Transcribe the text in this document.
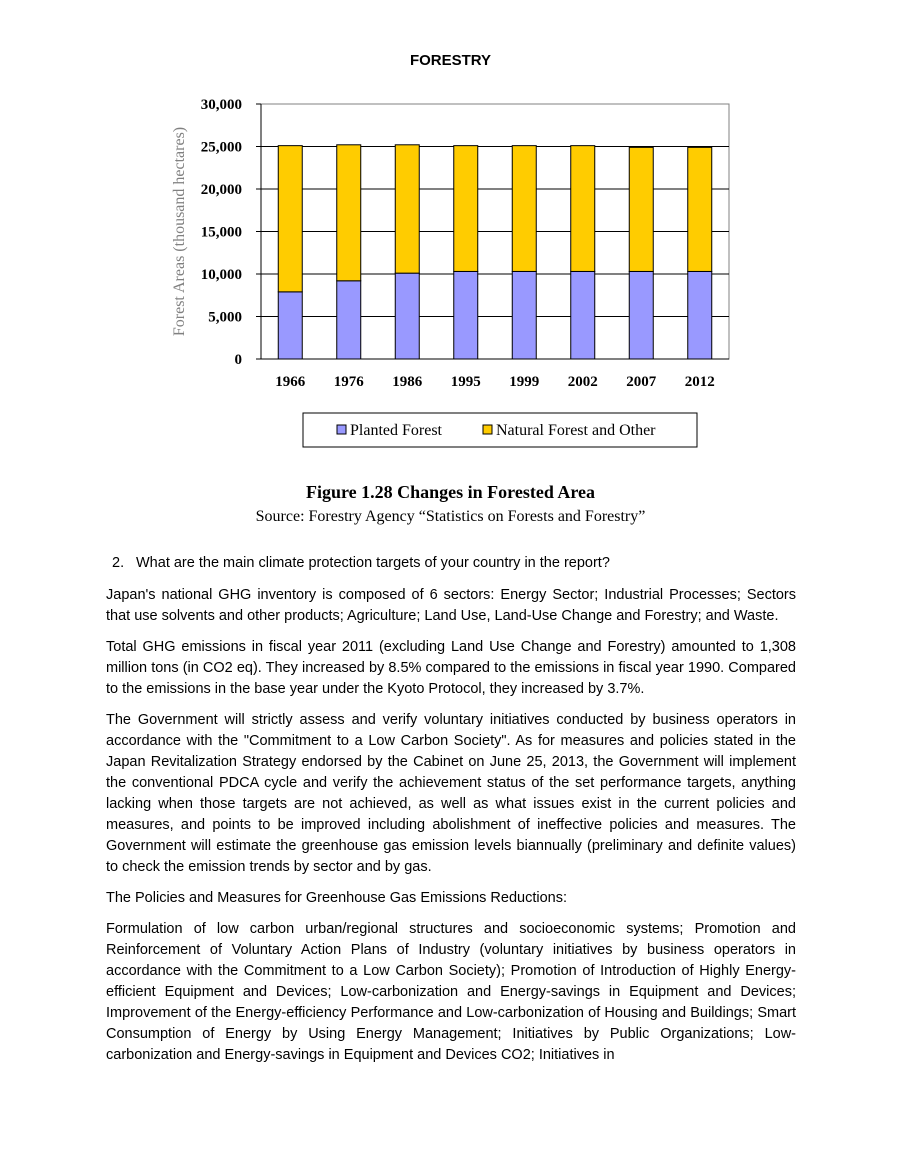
FORESTRY
0
5,000
10,000
15,000
20,000
25,000
30,000
Forest Areas (thousand hectares)
1966 1976 1986 1995 1999 2002 2007 2012
Planted Forest	Natural Forest and Other
Figure 1.28 Changes in Forested Area
Source: Forestry Agency “Statistics on Forests and Forestry”
2. What are the main climate protection targets of your country in the report?

Japan's national GHG inventory is composed of 6 sectors: Energy Sector; Industrial Processes; Sectors that use solvents and other products; Agriculture; Land Use, Land-Use Change and Forestry; and Waste.

Total GHG emissions in fiscal year 2011 (excluding Land Use Change and Forestry) amounted to 1,308 million tons (in CO2 eq). They increased by 8.5% compared to the emissions in fiscal year 1990. Compared to the emissions in the base year under the Kyoto Protocol, they increased by 3.7%.

The Government will strictly assess and verify voluntary initiatives conducted by business operators in accordance with the "Commitment to a Low Carbon Society". As for measures and policies stated in the Japan Revitalization Strategy endorsed by the Cabinet on June 25, 2013, the Government will implement the conventional PDCA cycle and verify the achievement status of the set performance targets, anything lacking when those targets are not achieved, as well as what issues exist in the current policies and measures, and points to be improved including abolishment of ineffective policies and measures. The Government will estimate the greenhouse gas emission levels biannually (preliminary and definite values) to check the emission trends by sector and by gas.

The Policies and Measures for Greenhouse Gas Emissions Reductions:

Formulation of low carbon urban/regional structures and socioeconomic systems; Promotion and Reinforcement of Voluntary Action Plans of Industry (voluntary initiatives by business operators in accordance with the Commitment to a Low Carbon Society); Promotion of Introduction of Highly Energy-efficient Equipment and Devices; Low-carbonization and Energy-savings in Equipment and Devices; Improvement of the Energy-efficiency Performance and Low-carbonization of Housing and Buildings; Smart Consumption of Energy by Using Energy Management; Initiatives by Public Organizations; Low-carbonization and Energy-savings in Equipment and Devices CO2; Initiatives in
